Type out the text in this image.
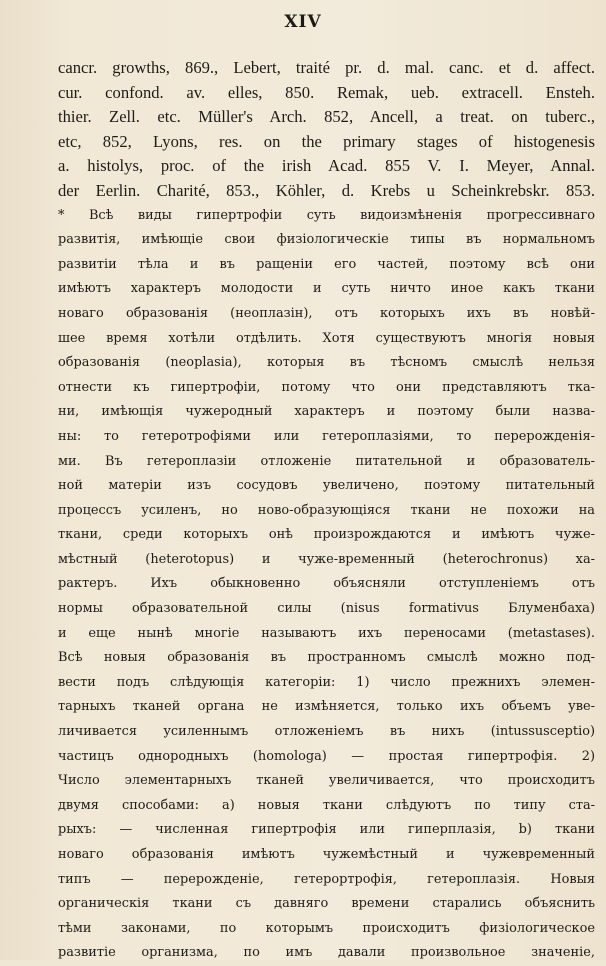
XIV
cancr. growths, 869., Lebert, traité pr. d. mal. canc. et d. affect.
cur. confond. av. elles, 850. Remak, ueb. extracell. Ensteh.
thier. Zell. etc. Müller's Arch. 852, Ancell, a treat. on tuberc.,
etc, 852, Lyons, res. on the primary stages of histogenesis
a. histolys, proc. of the irish Acad. 855 V. I. Meyer, Annal.
der Eerlin. Charité, 853., Köhler, d. Krebs u Scheinkrebskr. 853.
* Всѣ виды гипертрофіи суть видоизмѣненія прогрессивнаго
развитія, имѣющіе свои физіологическіе типы въ нормальномъ
развитіи тѣла и въ ращеніи его частей, поэтому всѣ они
имѣютъ характеръ молодости и суть ничто иное какъ ткани
новаго образованія (неоплазін), отъ которыхъ ихъ въ новѣй-
шее время хотѣли отдѣлить. Хотя существуютъ многія новыя
образованія (neoplasia), которыя въ тѣсномъ смыслѣ нельзя
отнести къ гипертрофіи, потому что они представляютъ тка-
ни, имѣющія чужеродный характеръ и поэтому были назва-
ны: то гетеротрофіями или гетероплазіями, то перерожденія-
ми. Въ гетероплазіи отложеніе питательной и образователь-
ной матеріи изъ сосудовъ увеличено, поэтому питательный
процессъ усиленъ, но ново-образующіяся ткани не похожи на
ткани, среди которыхъ онѣ произрождаются и имѣютъ чуже-
мѣстный (heterotopus) и чуже-временный (heterochronus) ха-
рактеръ. Ихъ обыкновенно объясняли отступленіемъ отъ
нормы образовательной силы (nisus formativus Блуменбаха)
и еще нынѣ многіе называютъ ихъ переносами (metastases).
Всѣ новыя образованія въ пространномъ смыслѣ можно под-
вести подъ слѣдующія категоріи: 1) число прежнихъ элемен-
тарныхъ тканей органа не измѣняется, только ихъ объемъ уве-
личивается усиленнымъ отложеніемъ въ нихъ (intussusceptio)
частицъ однородныхъ (homologa) — простая гипертрофія. 2)
Число элементарныхъ тканей увеличивается, что происходитъ
двумя способами: a) новыя ткани слѣдуютъ по типу ста-
рыхъ: — численная гипертрофія или гиперплазія, b) ткани
новаго образованія имѣютъ чужемѣстный и чужевременный
типъ — перерожденіе, гетерортрофія, гетероплазія. Новыя
органическія ткани съ давняго времени старались объяснить
тѣми законами, по которымъ происходитъ физіологическое
развитіе организма, по имъ давали произвольное значеніе,
